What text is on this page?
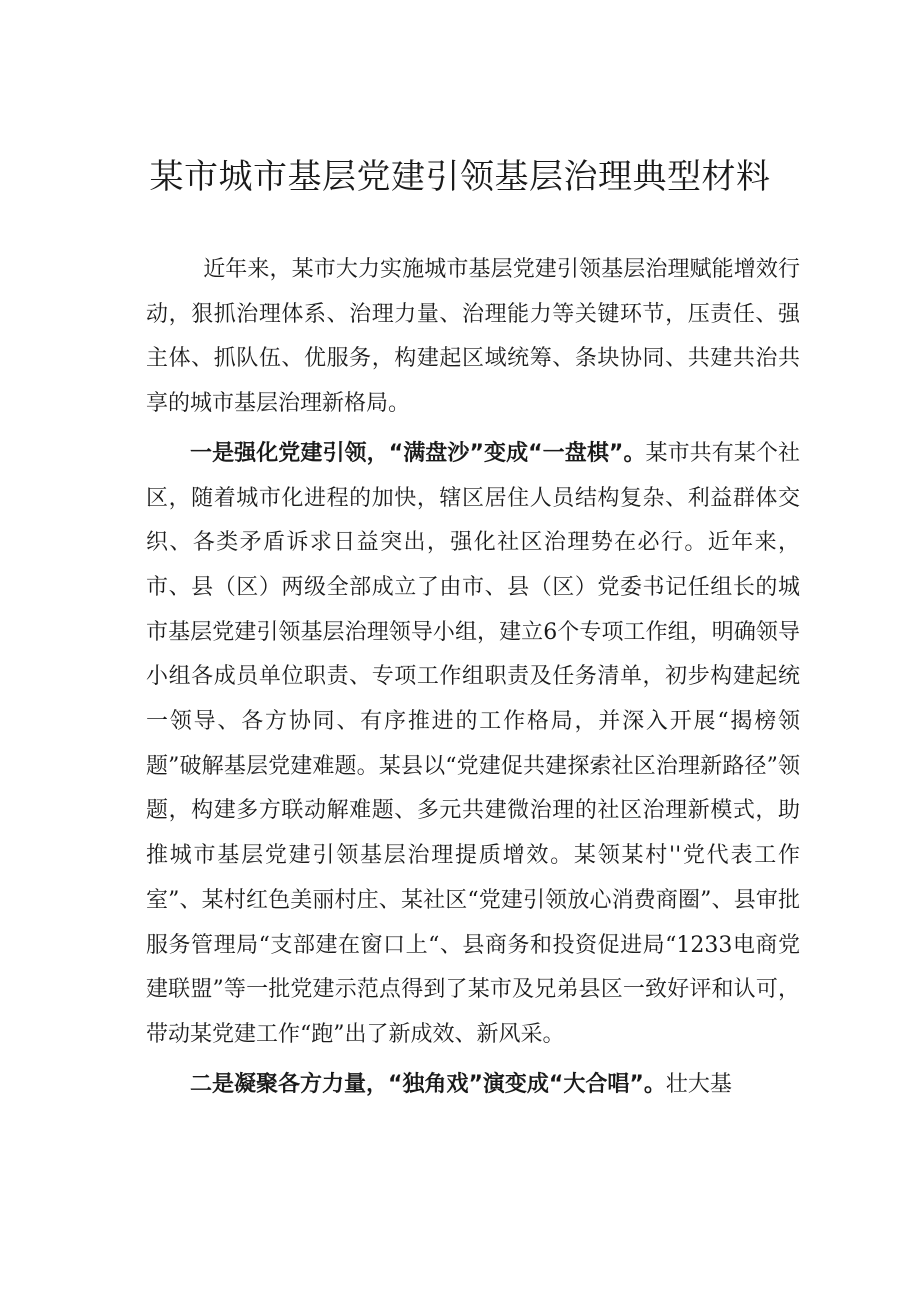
某市城市基层党建引领基层治理典型材料

近年来，某市大力实施城市基层党建引领基层治理赋能增效行动，狠抓治理体系、治理力量、治理能力等关键环节，压责任、强主体、抓队伍、优服务，构建起区域统筹、条块协同、共建共治共享的城市基层治理新格局。

一是强化党建引领，“满盘沙”变成“一盘棋”。某市共有某个社区，随着城市化进程的加快，辖区居住人员结构复杂、利益群体交织、各类矛盾诉求日益突出，强化社区治理势在必行。近年来，市、县（区）两级全部成立了由市、县（区）党委书记任组长的城市基层党建引领基层治理领导小组，建立6个专项工作组，明确领导小组各成员单位职责、专项工作组职责及任务清单，初步构建起统一领导、各方协同、有序推进的工作格局，并深入开展“揭榜领题”破解基层党建难题。某县以“党建促共建探索社区治理新路径”领题，构建多方联动解难题、多元共建微治理的社区治理新模式，助推城市基层党建引领基层治理提质增效。某领某村''党代表工作室”、某村红色美丽村庄、某社区“党建引领放心消费商圈”、县审批服务管理局“支部建在窗口上“、县商务和投资促进局“1233电商党建联盟”等一批党建示范点得到了某市及兄弟县区一致好评和认可，带动某党建工作“跑”出了新成效、新风采。

二是凝聚各方力量，“独角戏”演变成“大合唱”。壮大基
